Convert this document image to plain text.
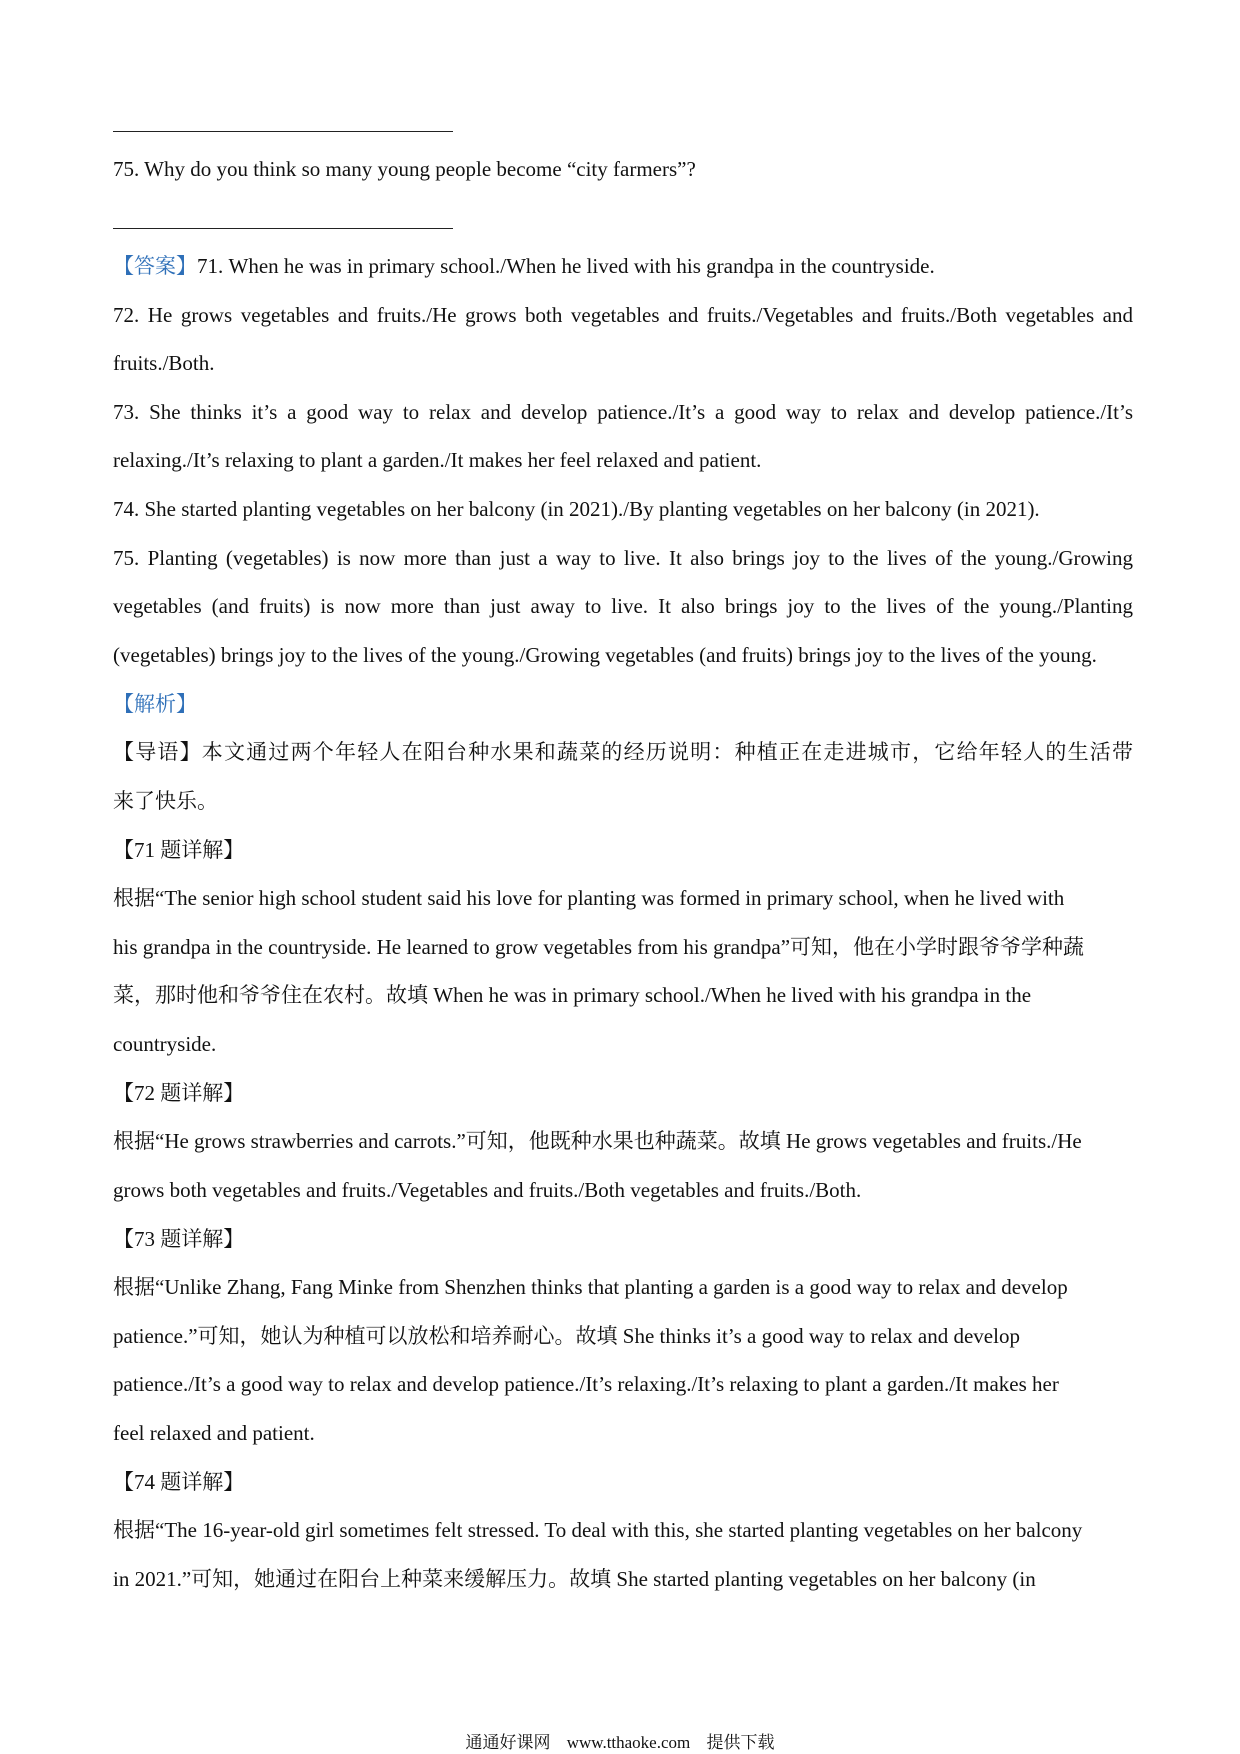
75. Why do you think so many young people become “city farmers”?
【答案】71. When he was in primary school./When he lived with his grandpa in the countryside.
72. He grows vegetables and fruits./He grows both vegetables and fruits./Vegetables and fruits./Both vegetables and
fruits./Both.
73. She thinks it’s a good way to relax and develop patience./It’s a good way to relax and develop patience./It’s
relaxing./It’s relaxing to plant a garden./It makes her feel relaxed and patient.
74. She started planting vegetables on her balcony (in 2021)./By planting vegetables on her balcony (in 2021).
75. Planting (vegetables) is now more than just a way to live. It also brings joy to the lives of the young./Growing
vegetables (and fruits) is now more than just away to live. It also brings joy to the lives of the young./Planting
(vegetables) brings joy to the lives of the young./Growing vegetables (and fruits) brings joy to the lives of the young.
【解析】
【导语】本文通过两个年轻人在阳台种水果和蔬菜的经历说明：种植正在走进城市，它给年轻人的生活带
来了快乐。
【71 题详解】
根据“The senior high school student said his love for planting was formed in primary school, when he lived with
his grandpa in the countryside. He learned to grow vegetables from his grandpa”可知，他在小学时跟爷爷学种蔬
菜，那时他和爷爷住在农村。故填 When he was in primary school./When he lived with his grandpa in the
countryside.
【72 题详解】
根据“He grows strawberries and carrots.”可知，他既种水果也种蔬菜。故填 He grows vegetables and fruits./He
grows both vegetables and fruits./Vegetables and fruits./Both vegetables and fruits./Both.
【73 题详解】
根据“Unlike Zhang, Fang Minke from Shenzhen thinks that planting a garden is a good way to relax and develop
patience.”可知，她认为种植可以放松和培养耐心。故填 She thinks it’s a good way to relax and develop
patience./It’s a good way to relax and develop patience./It’s relaxing./It’s relaxing to plant a garden./It makes her
feel relaxed and patient.
【74 题详解】
根据“The 16-year-old girl sometimes felt stressed. To deal with this, she started planting vegetables on her balcony
in 2021.”可知，她通过在阳台上种菜来缓解压力。故填 She started planting vegetables on her balcony (in
通通好课网 www.tthaoke.com 提供下载
